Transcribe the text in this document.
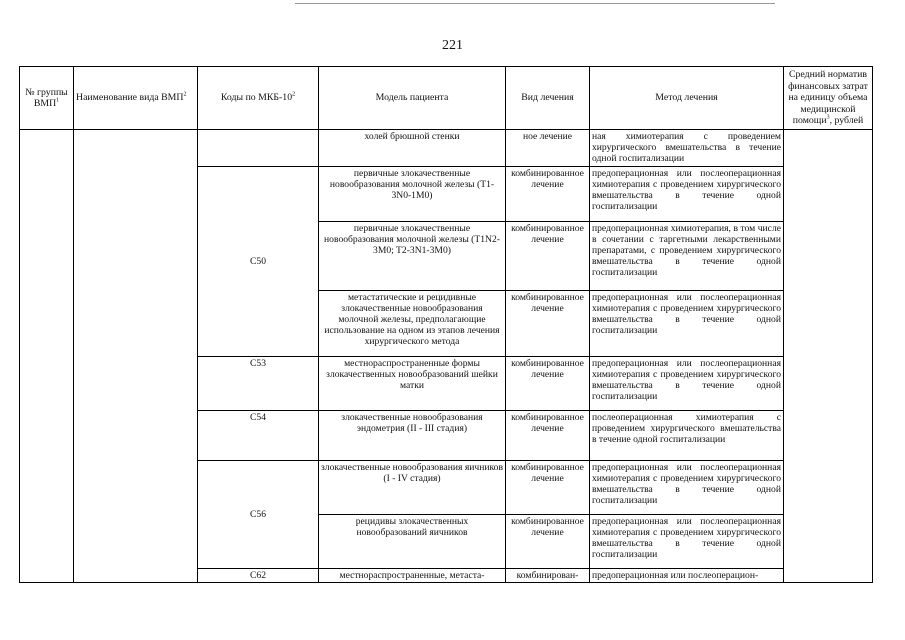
221
№ группы ВМП$^1$	Наименование вида ВМП$^2$	Коды по МКБ-$10^2$	Модель пациента	Вид лечения	Метод лечения	Средний норматив финансовых затрат на единицу объема медицинской помощи$^3$, рублей
			холей брюшной стенки	ное лечение	ная химиотерапия с проведением хирургического вмешательства в течение одной госпитализации	
		C50	первичные злокачественные новообразования молочной железы (T1-3N0-1M0)	комбинированное лечение	предоперационная или послеоперационная химиотерапия с проведением хирургического вмешательства в течение одной госпитализации	
			первичные злокачественные новообразования молочной железы (T1N2-3M0; T2-3N1-3M0)	комбинированное лечение	предоперационная химиотерапия, в том числе в сочетании с таргетными лекарственными препаратами, с проведением хирургического вмешательства в течение одной госпитализации	
			метастатические и рецидивные злокачественные новообразования молочной железы, предполагающие использование на одном из этапов лечения хирургического метода	комбинированное лечение	предоперационная или послеоперационная химиотерапия с проведением хирургического вмешательства в течение одной госпитализации	
		C53	местнораспространенные формы злокачественных новообразований шейки матки	комбинированное лечение	предоперационная или послеоперационная химиотерапия с проведением хирургического вмешательства в течение одной госпитализации	
		C54	злокачественные новообразования эндометрия (II - III стадия)	комбинированное лечение	послеоперационная химиотерапия с проведением хирургического вмешательства в течение одной госпитализации	
		C56	злокачественные новообразования яичников (I - IV стадия)	комбинированное лечение	предоперационная или послеоперационная химиотерапия с проведением хирургического вмешательства в течение одной госпитализации	
			рецидивы злокачественных новообразований яичников	комбинированное лечение	предоперационная или послеоперационная химиотерапия с проведением хирургического вмешательства в течение одной госпитализации	
		C62	местнораспространенные, метаста-	комбинирован-	предоперационная или послеоперацион-	
